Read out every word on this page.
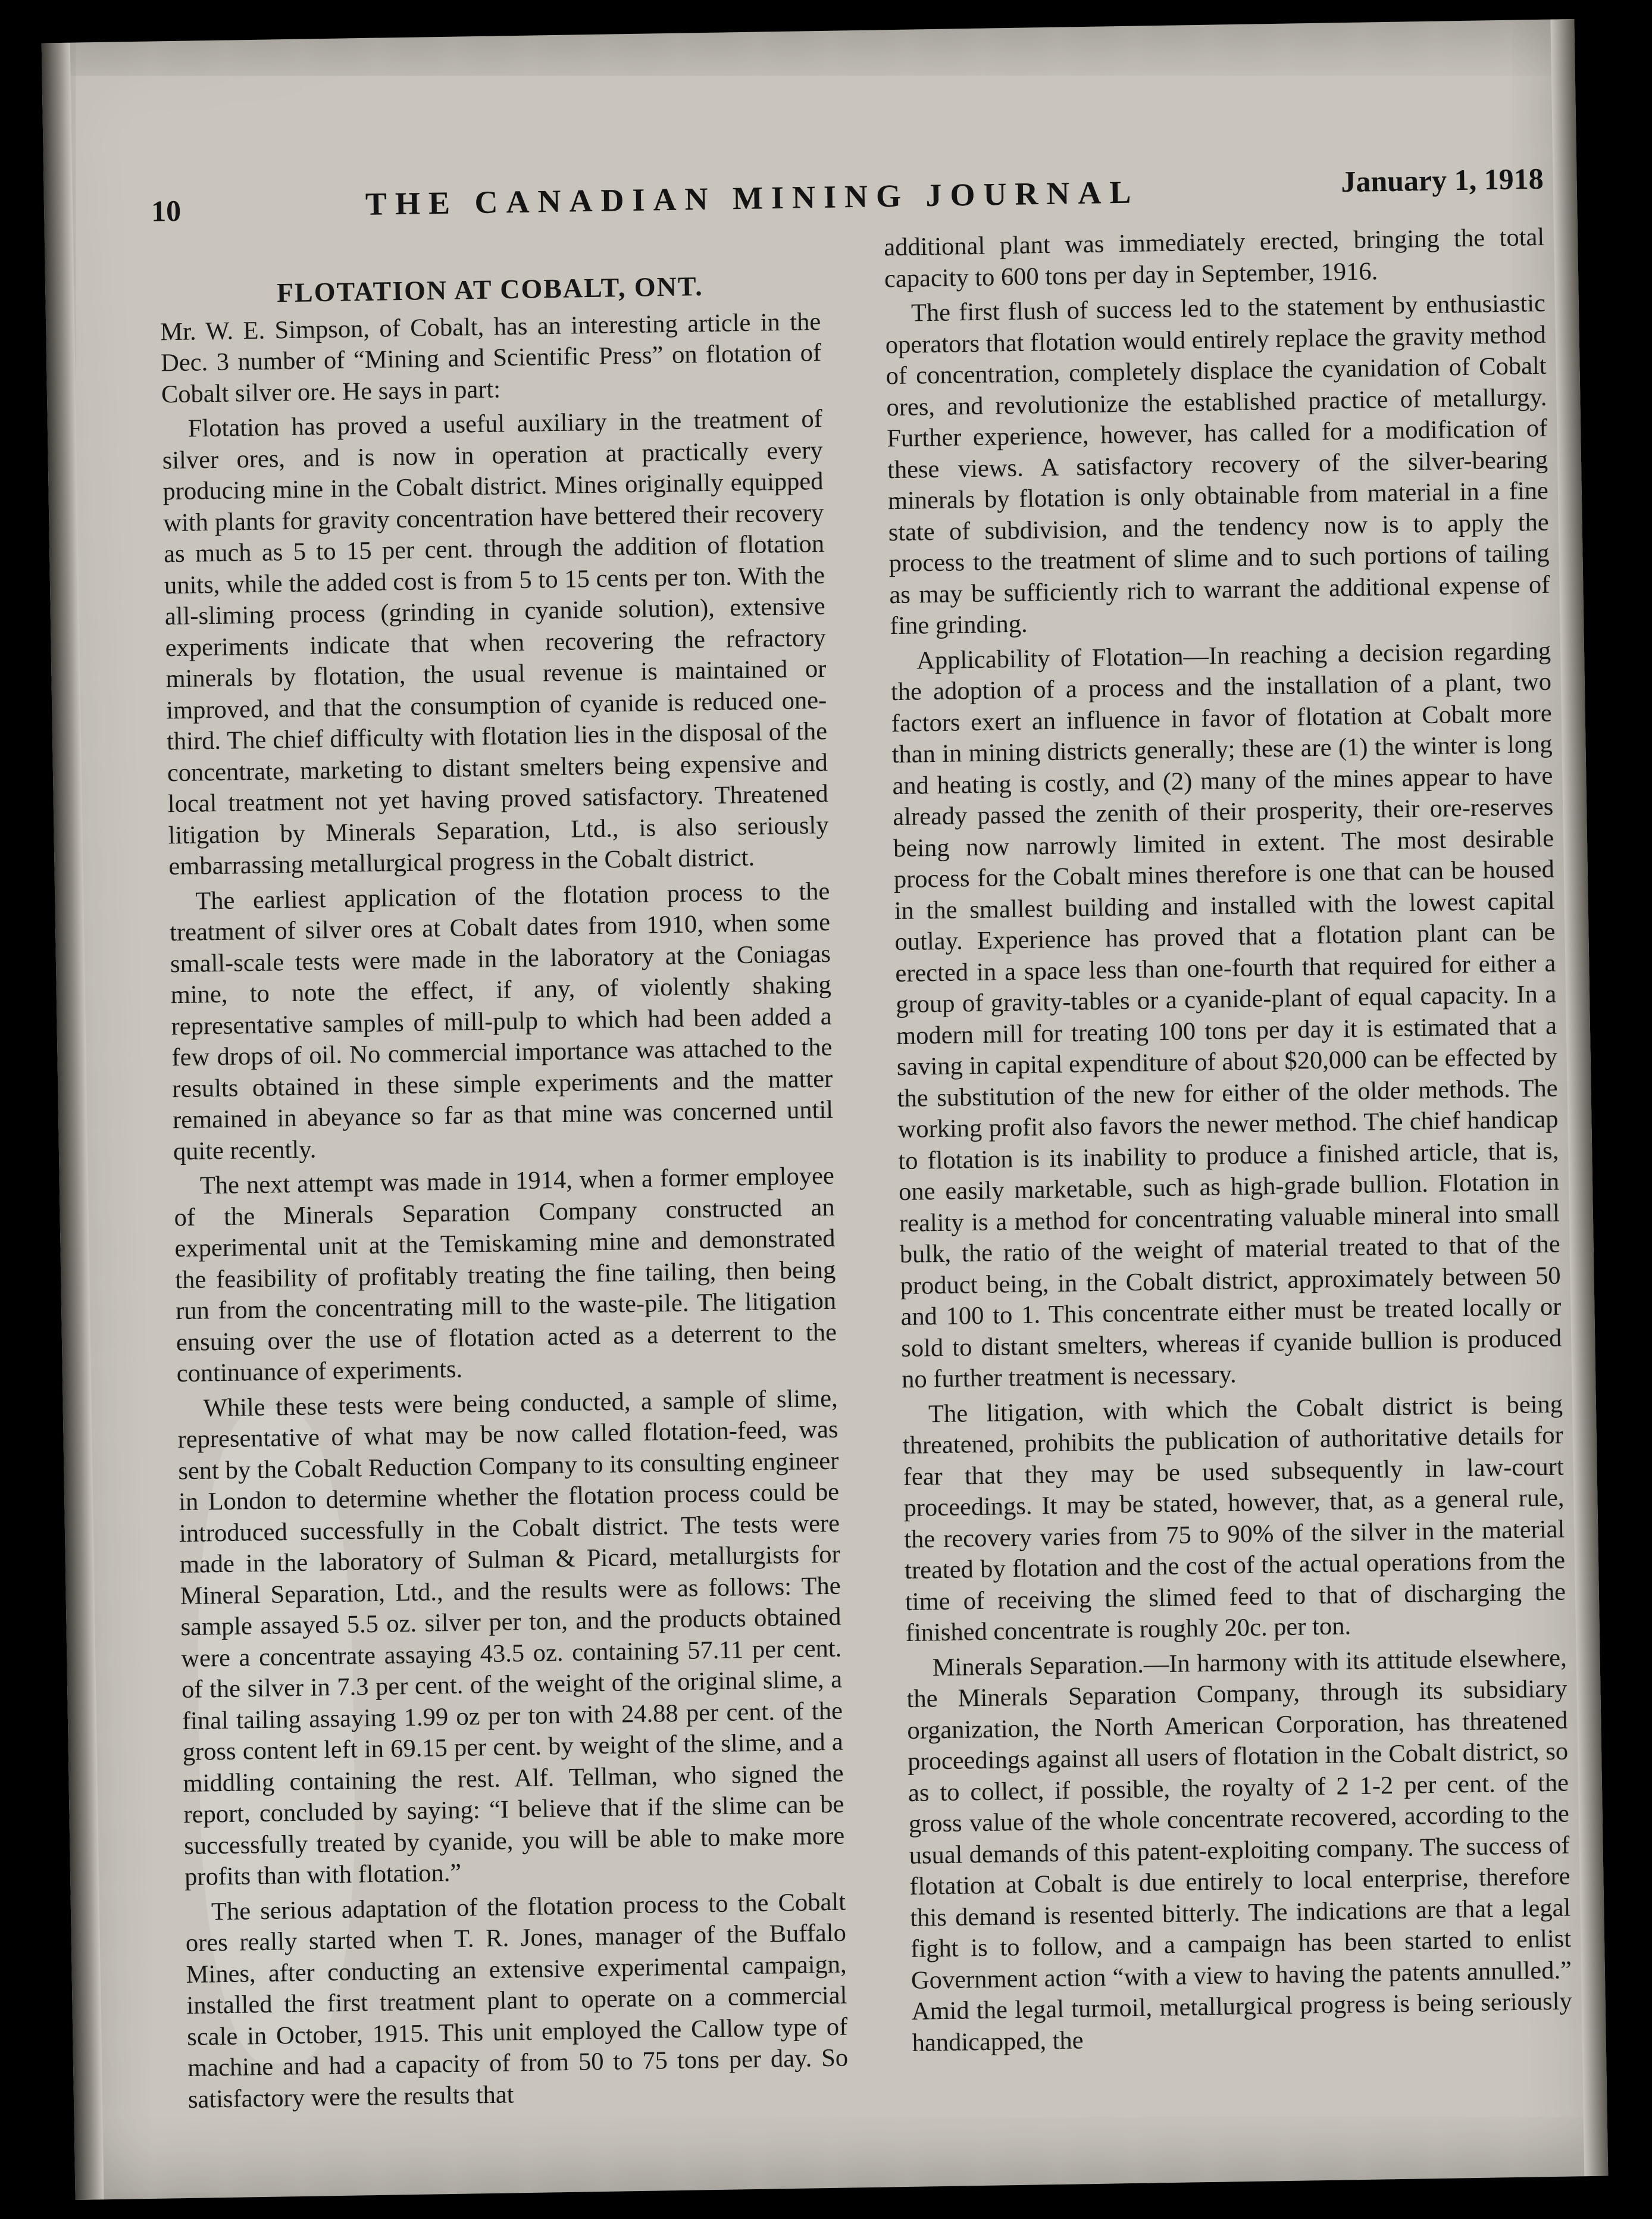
10	THE CANADIAN MINING JOURNAL	January 1, 1918
FLOTATION AT COBALT, ONT.

Mr. W. E. Simpson, of Cobalt, has an interesting article in the Dec. 3 number of “Mining and Scientific Press” on flotation of Cobalt silver ore. He says in part:

Flotation has proved a useful auxiliary in the treatment of silver ores, and is now in operation at practically every producing mine in the Cobalt district. Mines originally equipped with plants for gravity concentration have bettered their recovery as much as 5 to 15 per cent. through the addition of flotation units, while the added cost is from 5 to 15 cents per ton. With the all-sliming process (grinding in cyanide solution), extensive experiments indicate that when recovering the refractory minerals by flotation, the usual revenue is maintained or improved, and that the consumption of cyanide is reduced one-third. The chief difficulty with flotation lies in the disposal of the concentrate, marketing to distant smelters being expensive and local treatment not yet having proved satisfactory. Threatened litigation by Minerals Separation, Ltd., is also seriously embarrassing metallurgical progress in the Cobalt district.

The earliest application of the flotation process to the treatment of silver ores at Cobalt dates from 1910, when some small-scale tests were made in the laboratory at the Coniagas mine, to note the effect, if any, of violently shaking representative samples of mill-pulp to which had been added a few drops of oil. No commercial importance was attached to the results obtained in these simple experiments and the matter remained in abeyance so far as that mine was concerned until quite recently.

The next attempt was made in 1914, when a former employee of the Minerals Separation Company constructed an experimental unit at the Temiskaming mine and demonstrated the feasibility of profitably treating the fine tailing, then being run from the concentrating mill to the waste-pile. The litigation ensuing over the use of flotation acted as a deterrent to the continuance of experiments.

While these tests were being conducted, a sample of slime, representative of what may be now called flotation-feed, was sent by the Cobalt Reduction Company to its consulting engineer in London to determine whether the flotation process could be introduced successfully in the Cobalt district. The tests were made in the laboratory of Sulman & Picard, metallurgists for Mineral Separation, Ltd., and the results were as follows: The sample assayed 5.5 oz. silver per ton, and the products obtained were a concentrate assaying 43.5 oz. containing 57.11 per cent. of the silver in 7.3 per cent. of the weight of the original slime, a final tailing assaying 1.99 oz per ton with 24.88 per cent. of the gross content left in 69.15 per cent. by weight of the slime, and a middling containing the rest. Alf. Tellman, who signed the report, concluded by saying: “I believe that if the slime can be successfully treated by cyanide, you will be able to make more profits than with flotation.”

The serious adaptation of the flotation process to the Cobalt ores really started when T. R. Jones, manager of the Buffalo Mines, after conducting an extensive experimental campaign, installed the first treatment plant to operate on a commercial scale in October, 1915. This unit employed the Callow type of machine and had a capacity of from 50 to 75 tons per day. So satisfactory were the results that

additional plant was immediately erected, bringing the total capacity to 600 tons per day in September, 1916.

The first flush of success led to the statement by enthusiastic operators that flotation would entirely replace the gravity method of concentration, completely displace the cyanidation of Cobalt ores, and revolutionize the established practice of metallurgy. Further experience, however, has called for a modification of these views. A satisfactory recovery of the silver-bearing minerals by flotation is only obtainable from material in a fine state of subdivision, and the tendency now is to apply the process to the treatment of slime and to such portions of tailing as may be sufficiently rich to warrant the additional expense of fine grinding.

Applicability of Flotation—In reaching a decision regarding the adoption of a process and the installation of a plant, two factors exert an influence in favor of flotation at Cobalt more than in mining districts generally; these are (1) the winter is long and heating is costly, and (2) many of the mines appear to have already passed the zenith of their prosperity, their ore-reserves being now narrowly limited in extent. The most desirable process for the Cobalt mines therefore is one that can be housed in the smallest building and installed with the lowest capital outlay. Experience has proved that a flotation plant can be erected in a space less than one-fourth that required for either a group of gravity-tables or a cyanide-plant of equal capacity. In a modern mill for treating 100 tons per day it is estimated that a saving in capital expenditure of about $20,000 can be effected by the substitution of the new for either of the older methods. The working profit also favors the newer method. The chief handicap to flotation is its inability to produce a finished article, that is, one easily marketable, such as high-grade bullion. Flotation in reality is a method for concentrating valuable mineral into small bulk, the ratio of the weight of material treated to that of the product being, in the Cobalt district, approximately between 50 and 100 to 1. This concentrate either must be treated locally or sold to distant smelters, whereas if cyanide bullion is produced no further treatment is necessary.

The litigation, with which the Cobalt district is being threatened, prohibits the publication of authoritative details for fear that they may be used subsequently in law-court proceedings. It may be stated, however, that, as a general rule, the recovery varies from 75 to 90% of the silver in the material treated by flotation and the cost of the actual operations from the time of receiving the slimed feed to that of discharging the finished concentrate is roughly 20c. per ton.

Minerals Separation.—In harmony with its attitude elsewhere, the Minerals Separation Company, through its subsidiary organization, the North American Corporation, has threatened proceedings against all users of flotation in the Cobalt district, so as to collect, if possible, the royalty of 2 1-2 per cent. of the gross value of the whole concentrate recovered, according to the usual demands of this patent-exploiting company. The success of flotation at Cobalt is due entirely to local enterprise, therefore this demand is resented bitterly. The indications are that a legal fight is to follow, and a campaign has been started to enlist Government action “with a view to having the patents annulled.” Amid the legal turmoil, metallurgical progress is being seriously handicapped, the
